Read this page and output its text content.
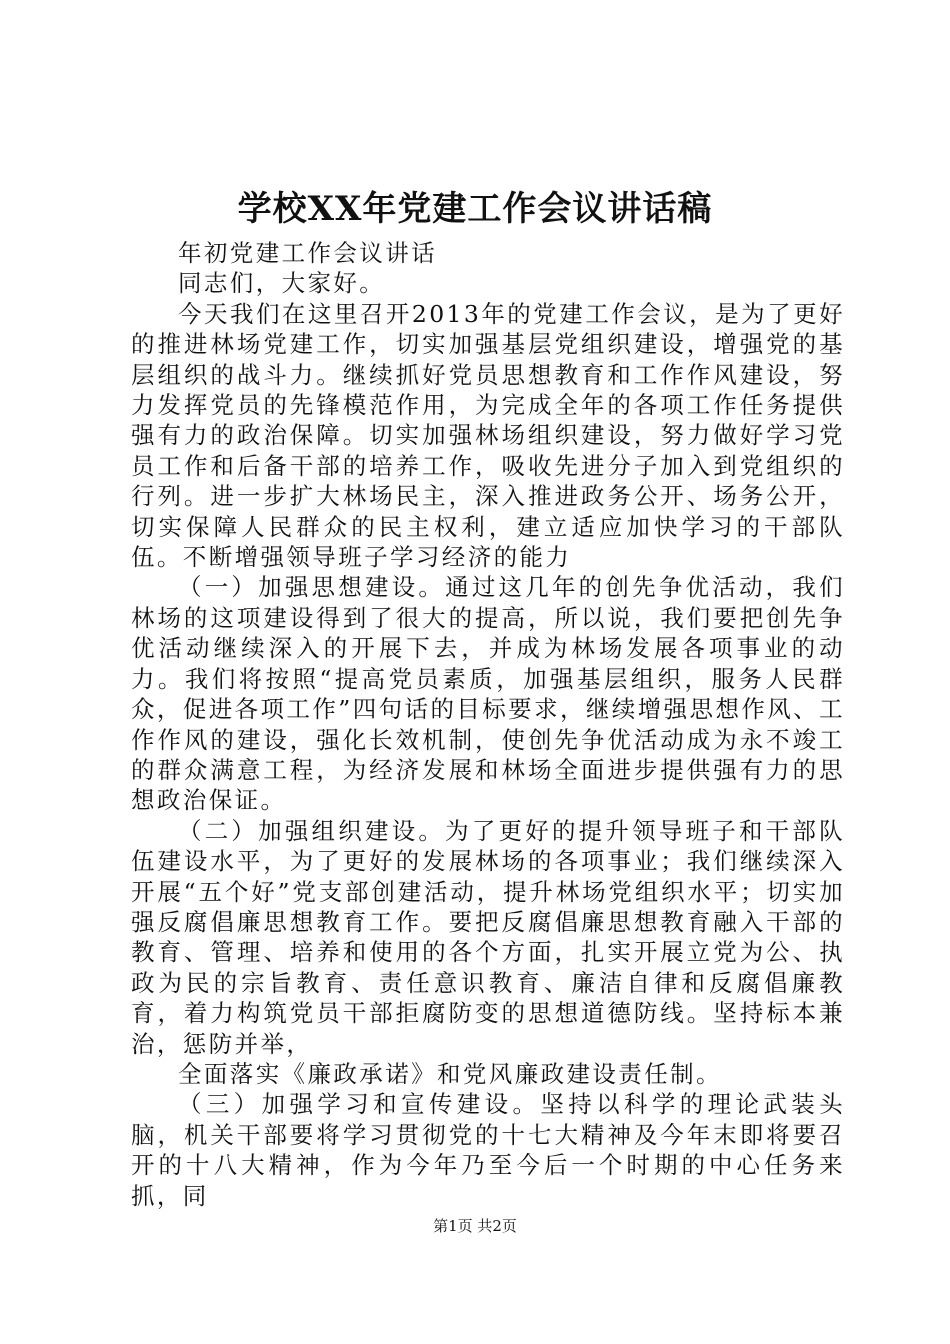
学校XX年党建工作会议讲话稿

年初党建工作会议讲话

同志们，大家好。

今天我们在这里召开2013年的党建工作会议，是为了更好的推进林场党建工作，切实加强基层党组织建设，增强党的基层组织的战斗力。继续抓好党员思想教育和工作作风建设，努力发挥党员的先锋模范作用，为完成全年的各项工作任务提供强有力的政治保障。切实加强林场组织建设，努力做好学习党员工作和后备干部的培养工作，吸收先进分子加入到党组织的行列。进一步扩大林场民主，深入推进政务公开、场务公开，切实保障人民群众的民主权利，建立适应加快学习的干部队伍。不断增强领导班子学习经济的能力

（一）加强思想建设。通过这几年的创先争优活动，我们林场的这项建设得到了很大的提高，所以说，我们要把创先争优活动继续深入的开展下去，并成为林场发展各项事业的动力。我们将按照“提高党员素质，加强基层组织，服务人民群众，促进各项工作”四句话的目标要求，继续增强思想作风、工作作风的建设，强化长效机制，使创先争优活动成为永不竣工的群众满意工程，为经济发展和林场全面进步提供强有力的思想政治保证。

（二）加强组织建设。为了更好的提升领导班子和干部队伍建设水平，为了更好的发展林场的各项事业；我们继续深入开展“五个好”党支部创建活动，提升林场党组织水平；切实加强反腐倡廉思想教育工作。要把反腐倡廉思想教育融入干部的教育、管理、培养和使用的各个方面，扎实开展立党为公、执政为民的宗旨教育、责任意识教育、廉洁自律和反腐倡廉教育，着力构筑党员干部拒腐防变的思想道德防线。坚持标本兼治，惩防并举，

全面落实《廉政承诺》和党风廉政建设责任制。

（三）加强学习和宣传建设。坚持以科学的理论武装头脑，机关干部要将学习贯彻党的十七大精神及今年末即将要召开的十八大精神，作为今年乃至今后一个时期的中心任务来抓，同

第1页 共2页
